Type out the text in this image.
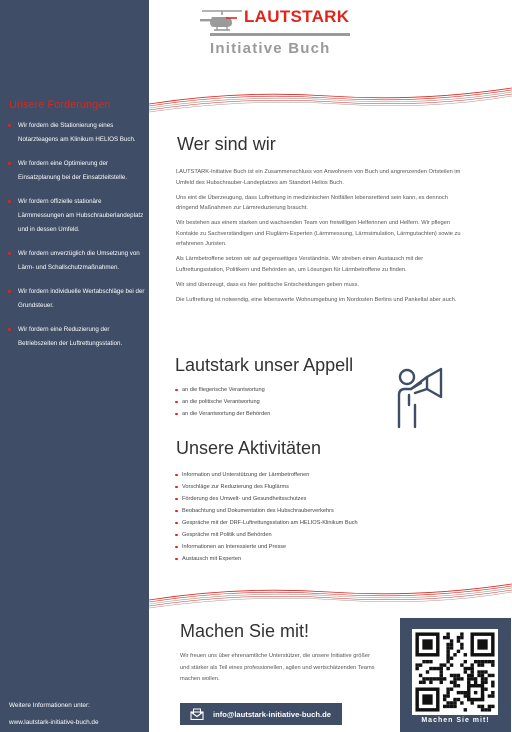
Unsere Forderungen
Wir fordern die Stationierung eines Notarzteagens am Klinikum HELIOS Buch.
Wir fordern eine Optimierung der Einsatzplanung bei der Einsatzleitstelle.
Wir fordern offizielle stationäre Lärmmessungen am Hubschrauberlandeplatz und in dessen Umfeld.
Wir fordern unverzüglich die Umsetzung von Lärm- und Schallschutzmaßnahmen.
Wir fordern individuelle Wertabschläge bei der Grundsteuer.
Wir fordern eine Reduzierung der Betriebszeiten der Luftrettungsstation.
Weitere Informationen unter:
www.lautstark-initiative-buch.de
LAUTSTARK
Initiative Buch
Wer sind wir

LAUTSTARK-Initiative Buch ist ein Zusammenschluss von Anwohnern von Buch und angrenzenden Ortsteilen im Umfeld des Hubschrauber-Landeplatzes am Standort Helios Buch.

Uns eint die Überzeugung, dass Luftrettung in medizinischen Notfällen lebensrettend sein kann, es dennoch dringend Maßnahmen zur Lärmreduzierung braucht.

Wir bestehen aus einem starken und wachsenden Team von freiwilligen Helferinnen und Helfern. Wir pflegen Kontakte zu Sachverständigen und Fluglärm-Experten (Lärmmessung, Lärmsimulation, Lärmgutachten) sowie zu erfahrenen Juristen.

Als Lärmbetroffene setzen wir auf gegenseitiges Verständnis. Wir streben einen Austausch mit der Luftrettungsstation, Politikern und Behörden an, um Lösungen für Lärmbetroffene zu finden.

Wir sind überzeugt, dass es hier politische Entscheidungen geben muss.

Die Luftrettung ist notwendig, eine lebenswerte Wohnumgebung im Nordosten Berlins und Pankeltal aber auch.

Lautstark unser Appell
an die fliegerische Verantwortung
an die politische Verantwortung
an die Verantwortung der Behörden
Unsere Aktivitäten
Information und Unterstützung der Lärmbetroffenen
Vorschläge zur Reduzierung des Fluglärms
Förderung des Umwelt- und Gesundheitsschutzes
Beobachtung und Dokumentation des Hubschrauberverkehrs
Gespräche mit der DRF-Luftrettungsstation am HELIOS-Klinikum Buch
Gespräche mit Politik und Behörden
Informationen an Interessierte und Presse
Austausch mit Experten
Machen Sie mit!
Wir freuen uns über ehrenamtliche Unterstützer, die unsere Initiative größer und stärker als Teil eines professionellen, agilen und wertschätzenden Teams machen wollen.
info@lautstark-initiative-buch.de
Machen Sie mit!
